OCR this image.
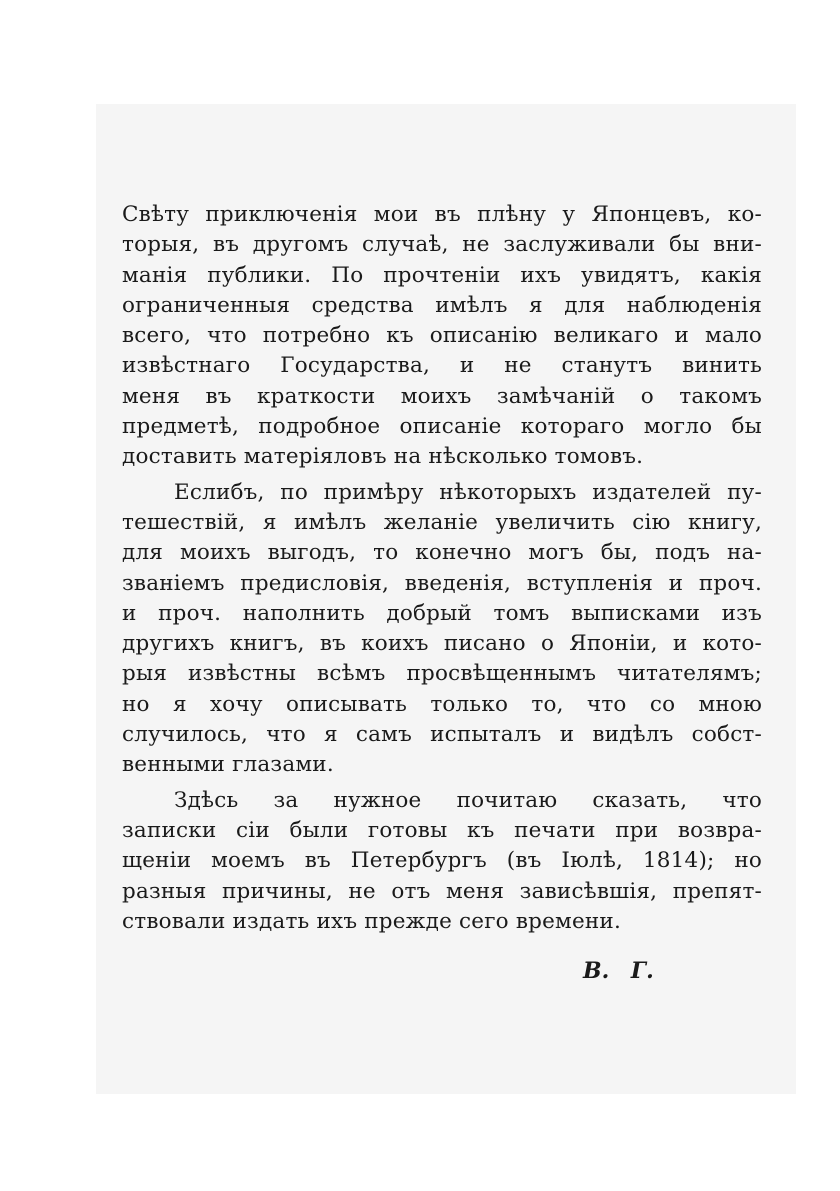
Свѣту приключенія мои въ плѣну у Японцевъ, ко-
торыя, въ другомъ случаѣ, не заслуживали бы вни-
манія публики. По прочтеніи ихъ увидятъ, какія
ограниченныя средства имѣлъ я для наблюденія
всего, что потребно къ описанію великаго и мало
извѣстнаго Государства, и не станутъ винить
меня въ краткости моихъ замѣчаній о такомъ
предметѣ, подробное описаніе котораго могло бы
доставить матеріяловъ на нѣсколько томовъ.
Еслибъ, по примѣру нѣкоторыхъ издателей пу-
тешествій, я имѣлъ желаніе увеличить сію книгу,
для моихъ выгодъ, то конечно могъ бы, подъ на-
званіемъ предисловія, введенія, вступленія и проч.
и проч. наполнить добрый томъ выписками изъ
другихъ книгъ, въ коихъ писано о Японіи, и кото-
рыя извѣстны всѣмъ просвѣщеннымъ читателямъ;
но я хочу описывать только то, что со мною
случилось, что я самъ испыталъ и видѣлъ собст-
венными глазами.
Здѣсь за нужное почитаю сказать, что
записки сіи были готовы къ печати при возвра-
щеніи моемъ въ Петербургъ (въ Іюлѣ, 1814); но
разныя причины, не отъ меня зависѣвшія, препят-
ствовали издать ихъ прежде сего времени.
В. Г.
